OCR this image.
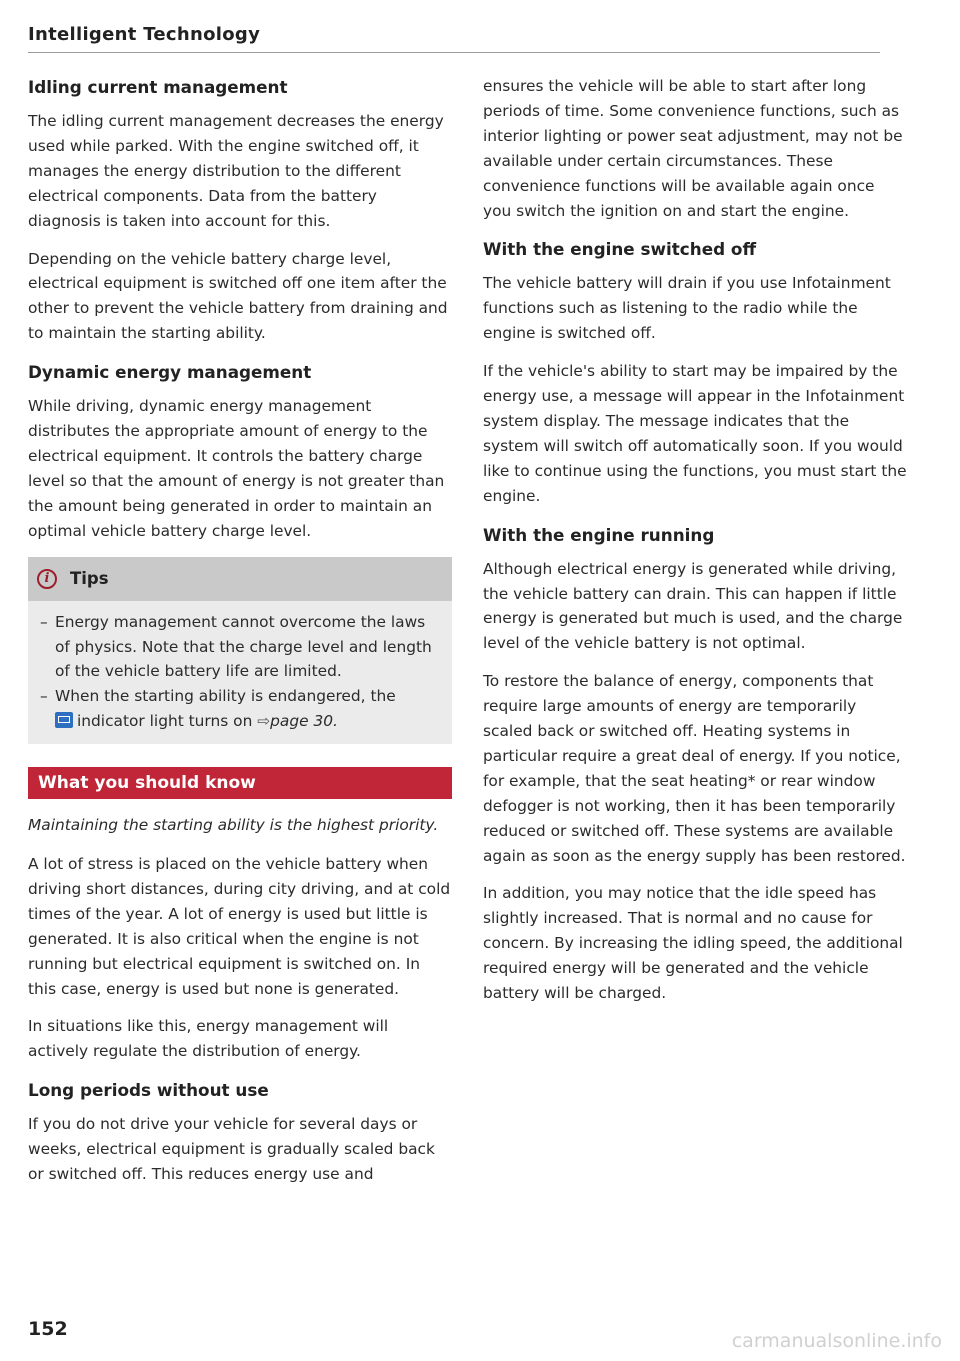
Intelligent Technology
Idling current management

The idling current management decreases the energy used while parked. With the engine switched off, it manages the energy distribution to the different electrical components. Data from the battery diagnosis is taken into account for this.

Depending on the vehicle battery charge level, electrical equipment is switched off one item after the other to prevent the vehicle battery from draining and to maintain the starting ability.

Dynamic energy management

While driving, dynamic energy management distributes the appropriate amount of energy to the electrical equipment. It controls the battery charge level so that the amount of energy is not greater than the amount being generated in order to maintain an optimal vehicle battery charge level.

i	Tips
– Energy management cannot overcome the laws of physics. Note that the charge level and length of the vehicle battery life are limited.
– When the starting ability is endangered, the
indicator light turns on ⇨page 30.
What you should know

Maintaining the starting ability is the highest priority.

A lot of stress is placed on the vehicle battery when driving short distances, during city driving, and at cold times of the year. A lot of energy is used but little is generated. It is also critical when the engine is not running but electrical equipment is switched on. In this case, energy is used but none is generated.

In situations like this, energy management will actively regulate the distribution of energy.

Long periods without use

If you do not drive your vehicle for several days or weeks, electrical equipment is gradually scaled back or switched off. This reduces energy use and

ensures the vehicle will be able to start after long periods of time. Some convenience functions, such as interior lighting or power seat adjustment, may not be available under certain circumstances. These convenience functions will be available again once you switch the ignition on and start the engine.

With the engine switched off

The vehicle battery will drain if you use Infotainment functions such as listening to the radio while the engine is switched off.

If the vehicle's ability to start may be impaired by the energy use, a message will appear in the Infotainment system display. The message indicates that the system will switch off automatically soon. If you would like to continue using the functions, you must start the engine.

With the engine running

Although electrical energy is generated while driving, the vehicle battery can drain. This can happen if little energy is generated but much is used, and the charge level of the vehicle battery is not optimal.

To restore the balance of energy, components that require large amounts of energy are temporarily scaled back or switched off. Heating systems in particular require a great deal of energy. If you notice, for example, that the seat heating* or rear window defogger is not working, then it has been temporarily reduced or switched off. These systems are available again as soon as the energy supply has been restored.

In addition, you may notice that the idle speed has slightly increased. That is normal and no cause for concern. By increasing the idling speed, the additional required energy will be generated and the vehicle battery will be charged.

152
carmanualsonline.info
